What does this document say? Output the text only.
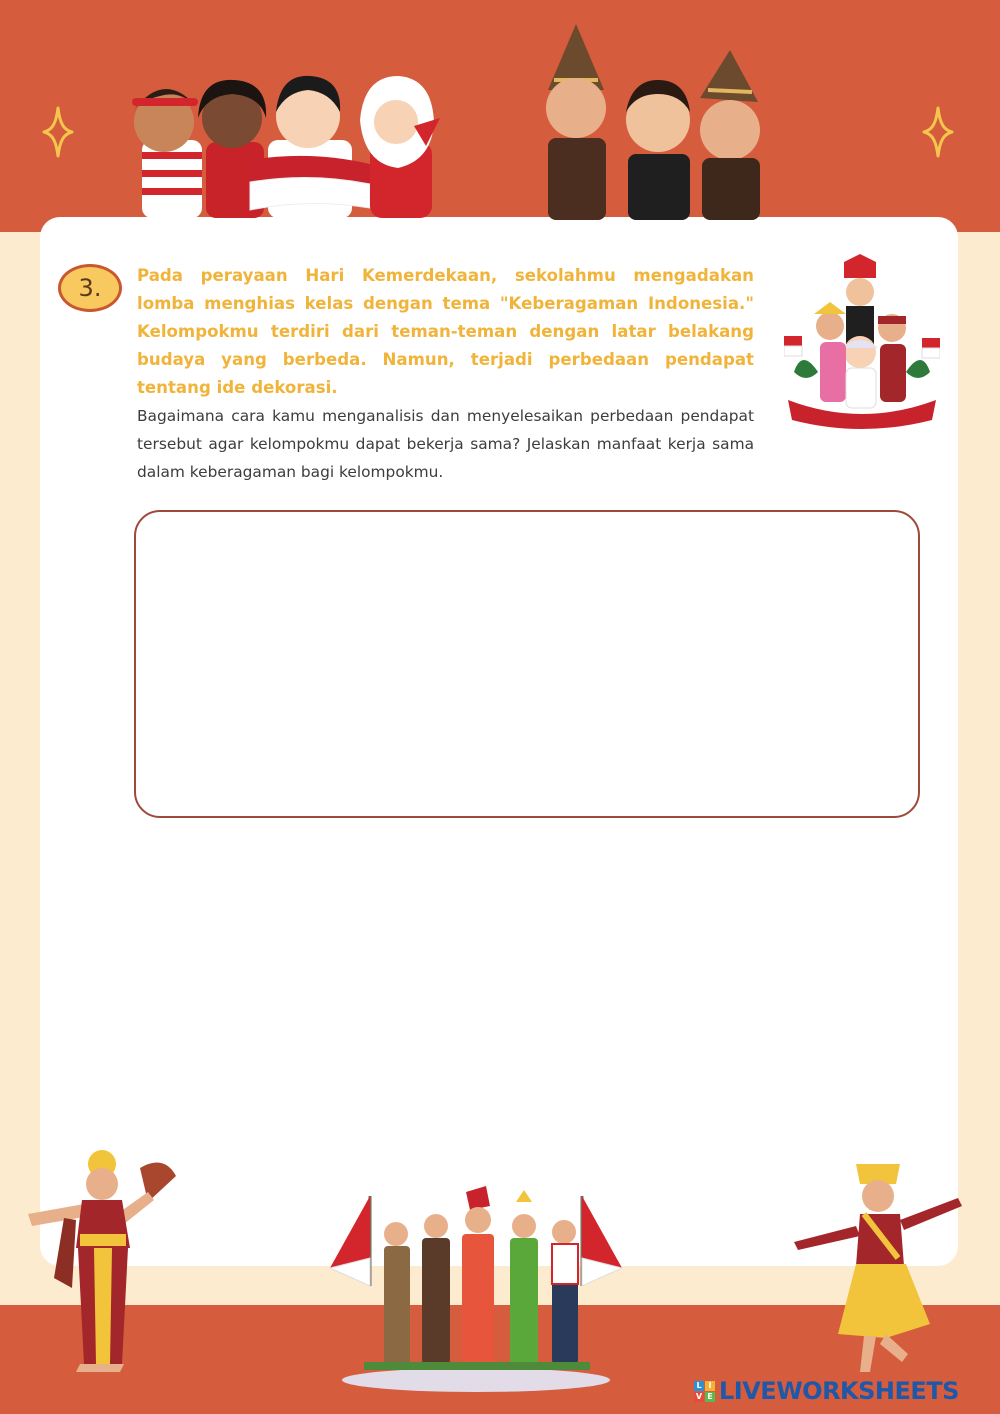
3.	Pada perayaan Hari Kemerdekaan, sekolahmu mengadakan lomba menghias kelas dengan tema "Keberagaman Indonesia." Kelompokmu terdiri dari teman-teman dengan latar belakang budaya yang berbeda. Namun, terjadi perbedaan pendapat tentang ide dekorasi.

Bagaimana cara kamu menganalisis dan menyelesaikan perbedaan pendapat tersebut agar kelompokmu dapat bekerja sama? Jelaskan manfaat kerja sama dalam keberagaman bagi kelompokmu.

L I
V E LIVEWORKSHEETS
